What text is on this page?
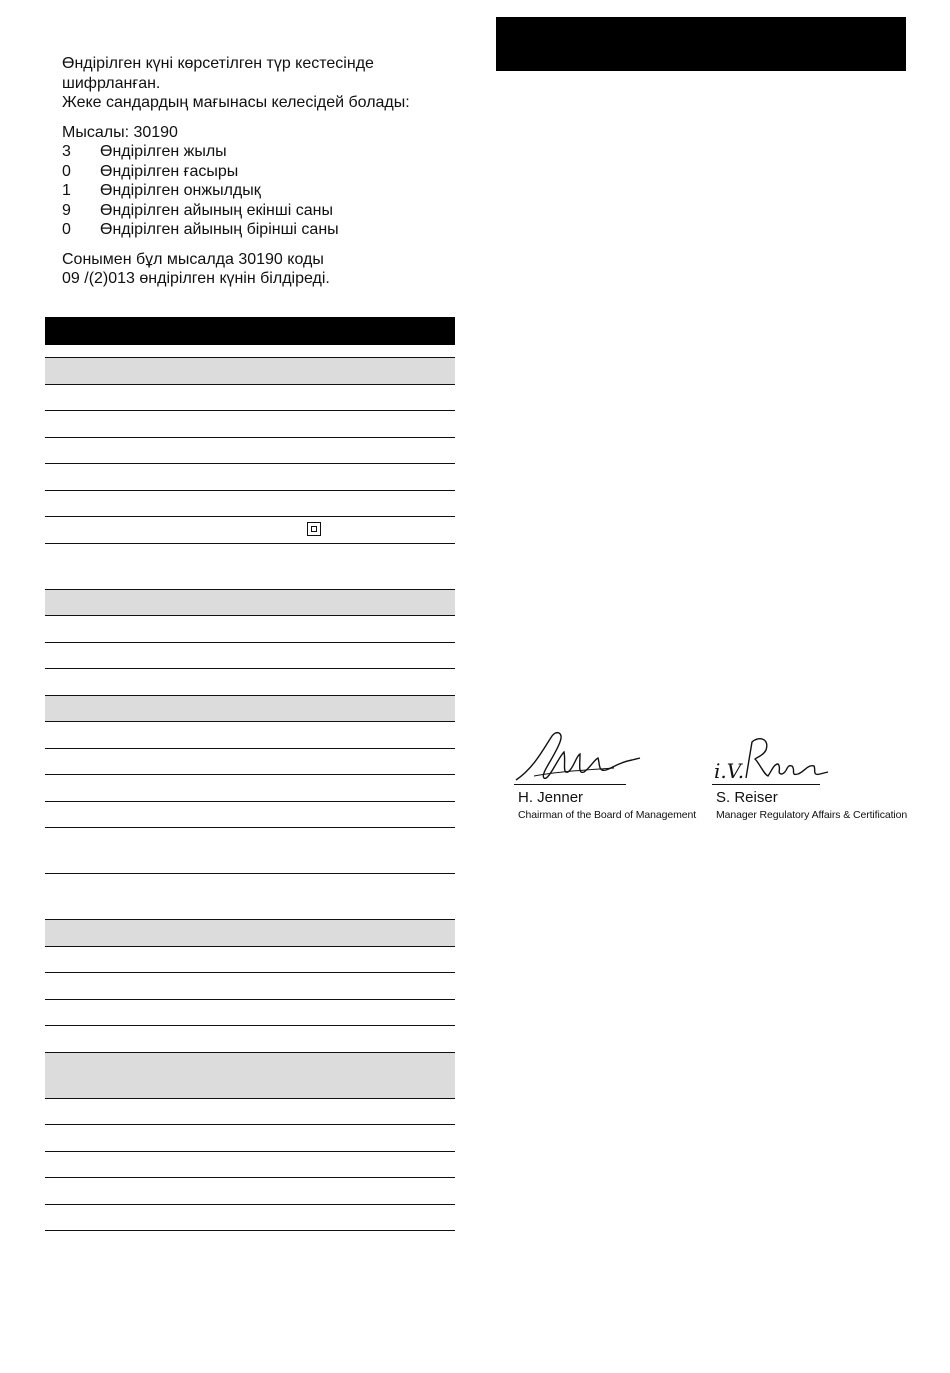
Өндірілген күні көрсетілген түр кестесінде

шифрланған.

Жеке сандардың мағынасы келесідей болады:

Мысалы: 30190

3	Өндірілген жылы
0	Өндірілген ғасыры
1	Өндірілген онжылдық
9	Өндірілген айының екінші саны
0	Өндірілген айының бірінші саны

Сонымен бұл мысалда 30190 коды

09 /(2)013 өндірілген күнін білдіреді.

H. Jenner
Chairman of the Board of Management
i.V.
S. Reiser
Manager Regulatory Affairs & Certification
